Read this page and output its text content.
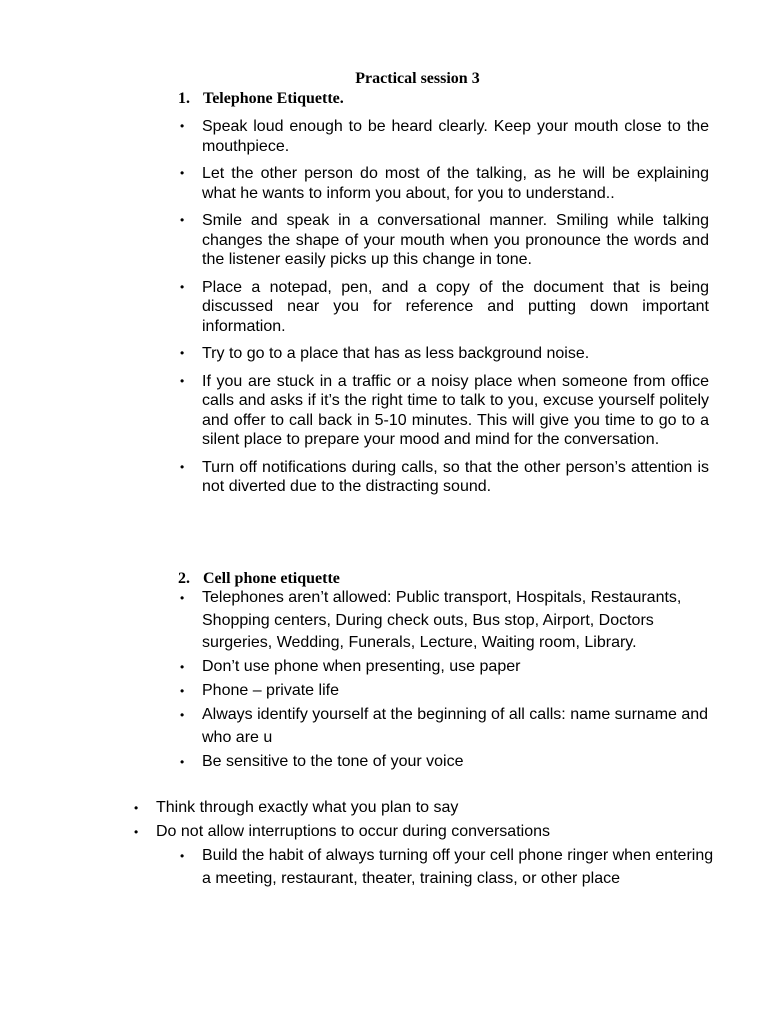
Practical session 3
1. Telephone Etiquette.
• Speak loud enough to be heard clearly. Keep your mouth close to the mouthpiece.
• Let the other person do most of the talking, as he will be explaining what he wants to inform you about, for you to understand..
• Smile and speak in a conversational manner. Smiling while talking changes the shape of your mouth when you pronounce the words and the listener easily picks up this change in tone.
• Place a notepad, pen, and a copy of the document that is being discussed near you for reference and putting down important information.
• Try to go to a place that has as less background noise.
• If you are stuck in a traffic or a noisy place when someone from office calls and asks if it’s the right time to talk to you, excuse yourself politely and offer to call back in 5-10 minutes. This will give you time to go to a silent place to prepare your mood and mind for the conversation.
• Turn off notifications during calls, so that the other person’s attention is not diverted due to the distracting sound.
2. Cell phone etiquette
• Telephones aren’t allowed: Public transport, Hospitals, Restaurants, Shopping centers, During check outs, Bus stop, Airport, Doctors surgeries, Wedding, Funerals, Lecture, Waiting room, Library.
• Don’t use phone when presenting, use paper
• Phone – private life
• Always identify yourself at the beginning of all calls: name surname and who are u
• Be sensitive to the tone of your voice
• Think through exactly what you plan to say
• Do not allow interruptions to occur during conversations
• Build the habit of always turning off your cell phone ringer when entering a meeting, restaurant, theater, training class, or other place
